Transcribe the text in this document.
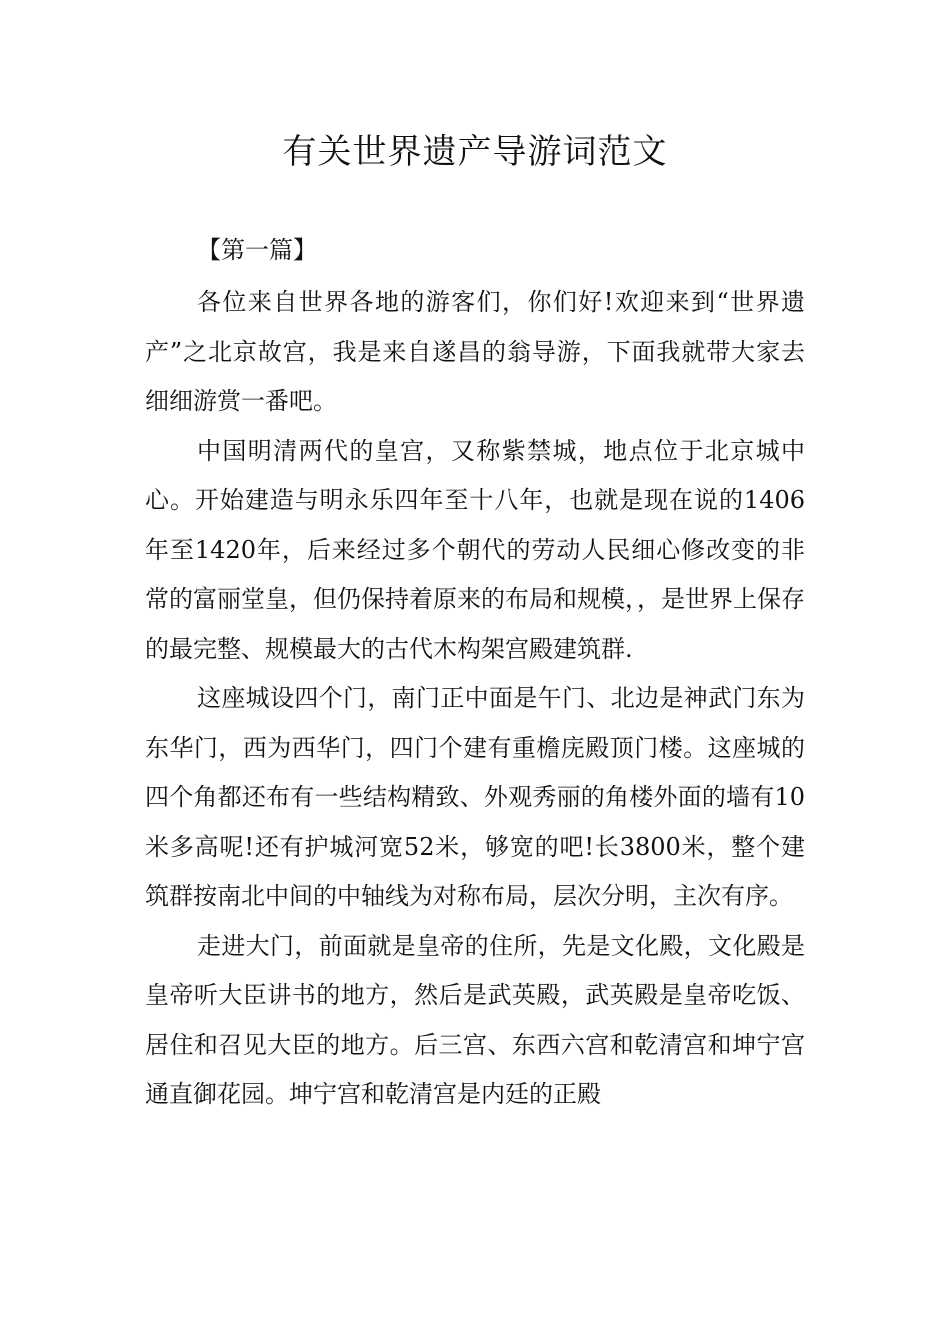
有关世界遗产导游词范文

【第一篇】

各位来自世界各地的游客们，你们好!欢迎来到“世界遗产”之北京故宫，我是来自遂昌的翁导游，下面我就带大家去细细游赏一番吧。

中国明清两代的皇宫，又称紫禁城，地点位于北京城中心。开始建造与明永乐四年至十八年，也就是现在说的1406年至1420年，后来经过多个朝代的劳动人民细心修改变的非常的富丽堂皇，但仍保持着原来的布局和规模，，是世界上保存的最完整、规模最大的古代木构架宫殿建筑群.

这座城设四个门，南门正中面是午门、北边是神武门东为东华门，西为西华门，四门个建有重檐庑殿顶门楼。这座城的四个角都还布有一些结构精致、外观秀丽的角楼外面的墙有10米多高呢!还有护城河宽52米，够宽的吧!长3800米，整个建筑群按南北中间的中轴线为对称布局，层次分明，主次有序。

走进大门，前面就是皇帝的住所，先是文化殿，文化殿是皇帝听大臣讲书的地方，然后是武英殿，武英殿是皇帝吃饭、居住和召见大臣的地方。后三宫、东西六宫和乾清宫和坤宁宫通直御花园。坤宁宫和乾清宫是内廷的正殿
